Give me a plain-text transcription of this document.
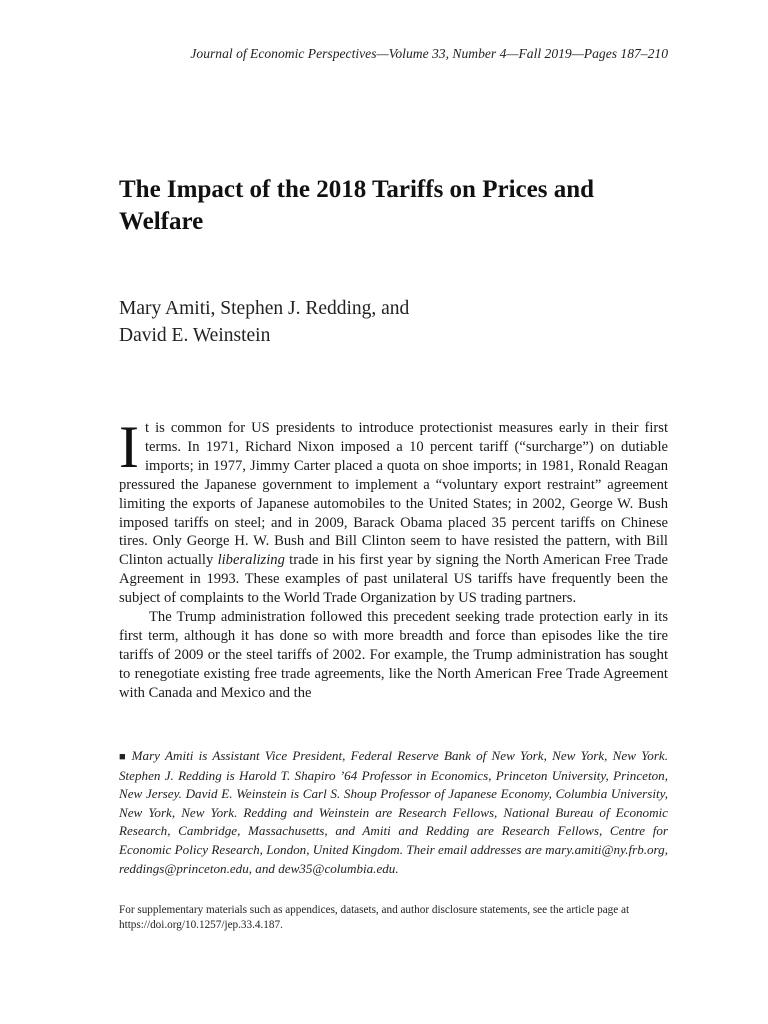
Journal of Economic Perspectives—Volume 33, Number 4—Fall 2019—Pages 187–210
The Impact of the 2018 Tariffs on Prices and Welfare
Mary Amiti, Stephen J. Redding, and
David E. Weinstein

It is common for US presidents to introduce protectionist measures early in their first terms. In 1971, Richard Nixon imposed a 10 percent tariff (“surcharge”) on dutiable imports; in 1977, Jimmy Carter placed a quota on shoe imports; in 1981, Ronald Reagan pressured the Japanese government to implement a “voluntary export restraint” agreement limiting the exports of Japanese automobiles to the United States; in 2002, George W. Bush imposed tariffs on steel; and in 2009, Barack Obama placed 35 percent tariffs on Chinese tires. Only George H. W. Bush and Bill Clinton seem to have resisted the pattern, with Bill Clinton actually liberalizing trade in his first year by signing the North American Free Trade Agreement in 1993. These examples of past unilateral US tariffs have frequently been the subject of complaints to the World Trade Organization by US trading partners.

The Trump administration followed this precedent seeking trade protection early in its first term, although it has done so with more breadth and force than episodes like the tire tariffs of 2009 or the steel tariffs of 2002. For example, the Trump administration has sought to renegotiate existing free trade agreements, like the North American Free Trade Agreement with Canada and Mexico and the

■ Mary Amiti is Assistant Vice President, Federal Reserve Bank of New York, New York, New York. Stephen J. Redding is Harold T. Shapiro ’64 Professor in Economics, Princeton University, Princeton, New Jersey. David E. Weinstein is Carl S. Shoup Professor of Japanese Economy, Columbia University, New York, New York. Redding and Weinstein are Research Fellows, National Bureau of Economic Research, Cambridge, Massachusetts, and Amiti and Redding are Research Fellows, Centre for Economic Policy Research, London, United Kingdom. Their email addresses are mary.amiti@ny.frb.org, reddings@princeton.edu, and dew35@columbia.edu.

For supplementary materials such as appendices, datasets, and author disclosure statements, see the article page at https://doi.org/10.1257/jep.33.4.187.
